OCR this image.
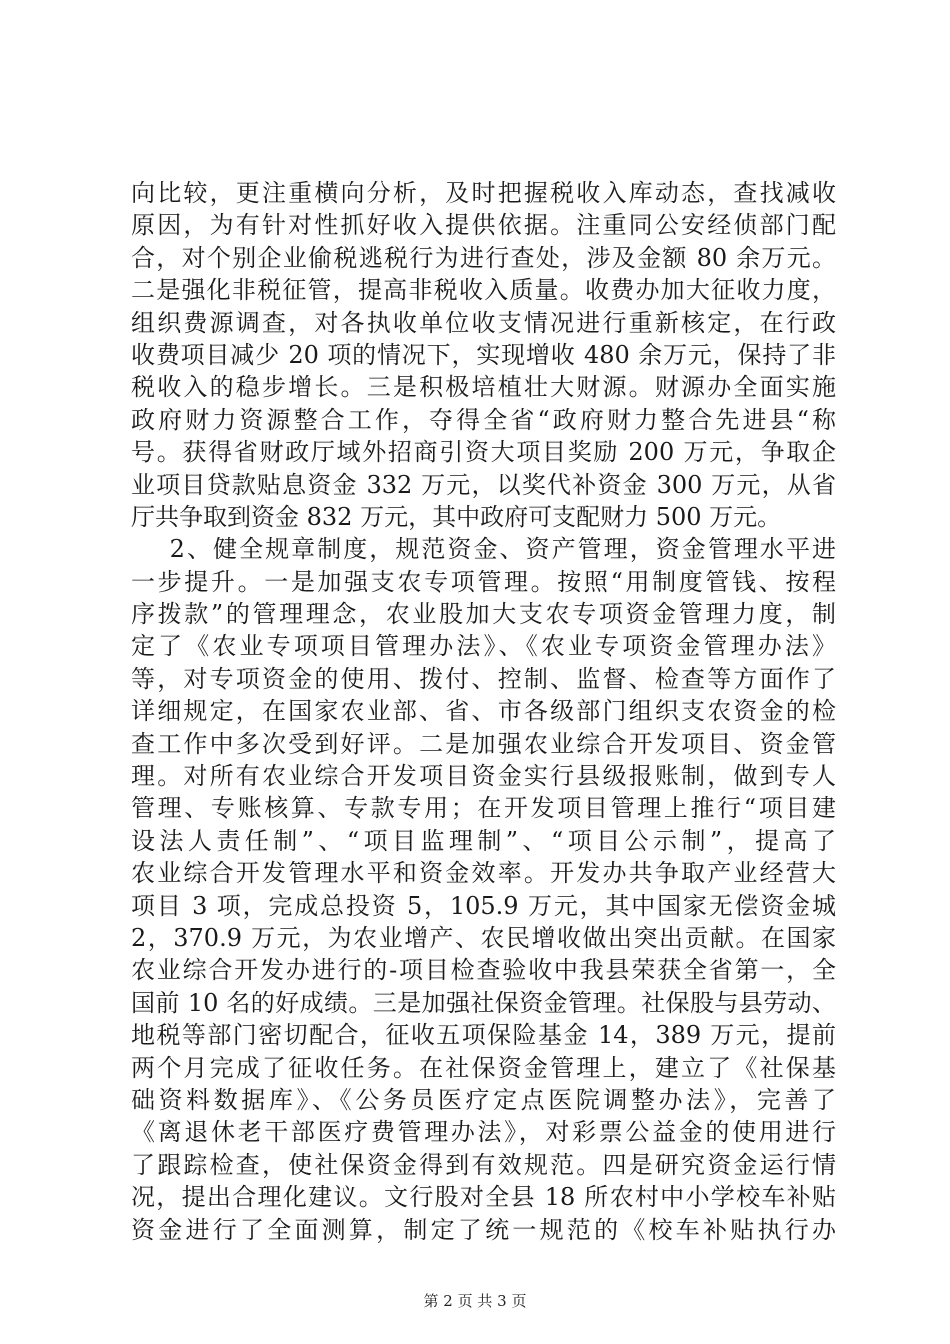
向比较，更注重横向分析，及时把握税收入库动态，查找减收
原因，为有针对性抓好收入提供依据。注重同公安经侦部门配
合，对个别企业偷税逃税行为进行查处，涉及金额 80 余万元。
二是强化非税征管，提高非税收入质量。收费办加大征收力度，
组织费源调查，对各执收单位收支情况进行重新核定，在行政
收费项目减少 20 项的情况下，实现增收 480 余万元，保持了非
税收入的稳步增长。三是积极培植壮大财源。财源办全面实施
政府财力资源整合工作，夺得全省“政府财力整合先进县“称
号。获得省财政厅域外招商引资大项目奖励 200 万元，争取企
业项目贷款贴息资金 332 万元，以奖代补资金 300 万元，从省
厅共争取到资金 832 万元，其中政府可支配财力 500 万元。
2、健全规章制度，规范资金、资产管理，资金管理水平进
一步提升。一是加强支农专项管理。按照“用制度管钱、按程
序拨款”的管理理念，农业股加大支农专项资金管理力度，制
定了《农业专项项目管理办法》、《农业专项资金管理办法》
等，对专项资金的使用、拨付、控制、监督、检查等方面作了
详细规定，在国家农业部、省、市各级部门组织支农资金的检
查工作中多次受到好评。二是加强农业综合开发项目、资金管
理。对所有农业综合开发项目资金实行县级报账制，做到专人
管理、专账核算、专款专用；在开发项目管理上推行“项目建
设法人责任制”、“项目监理制”、“项目公示制”，提高了
农业综合开发管理水平和资金效率。开发办共争取产业经营大
项目 3 项，完成总投资 5，105.9 万元，其中国家无偿资金城
2，370.9 万元，为农业增产、农民增收做出突出贡献。在国家
农业综合开发办进行的-项目检查验收中我县荣获全省第一，全
国前 10 名的好成绩。三是加强社保资金管理。社保股与县劳动、
地税等部门密切配合，征收五项保险基金 14，389 万元，提前
两个月完成了征收任务。在社保资金管理上，建立了《社保基
础资料数据库》、《公务员医疗定点医院调整办法》，完善了
《离退休老干部医疗费管理办法》，对彩票公益金的使用进行
了跟踪检查，使社保资金得到有效规范。四是研究资金运行情
况，提出合理化建议。文行股对全县 18 所农村中小学校车补贴
资金进行了全面测算，制定了统一规范的《校车补贴执行办
第 2 页 共 3 页
